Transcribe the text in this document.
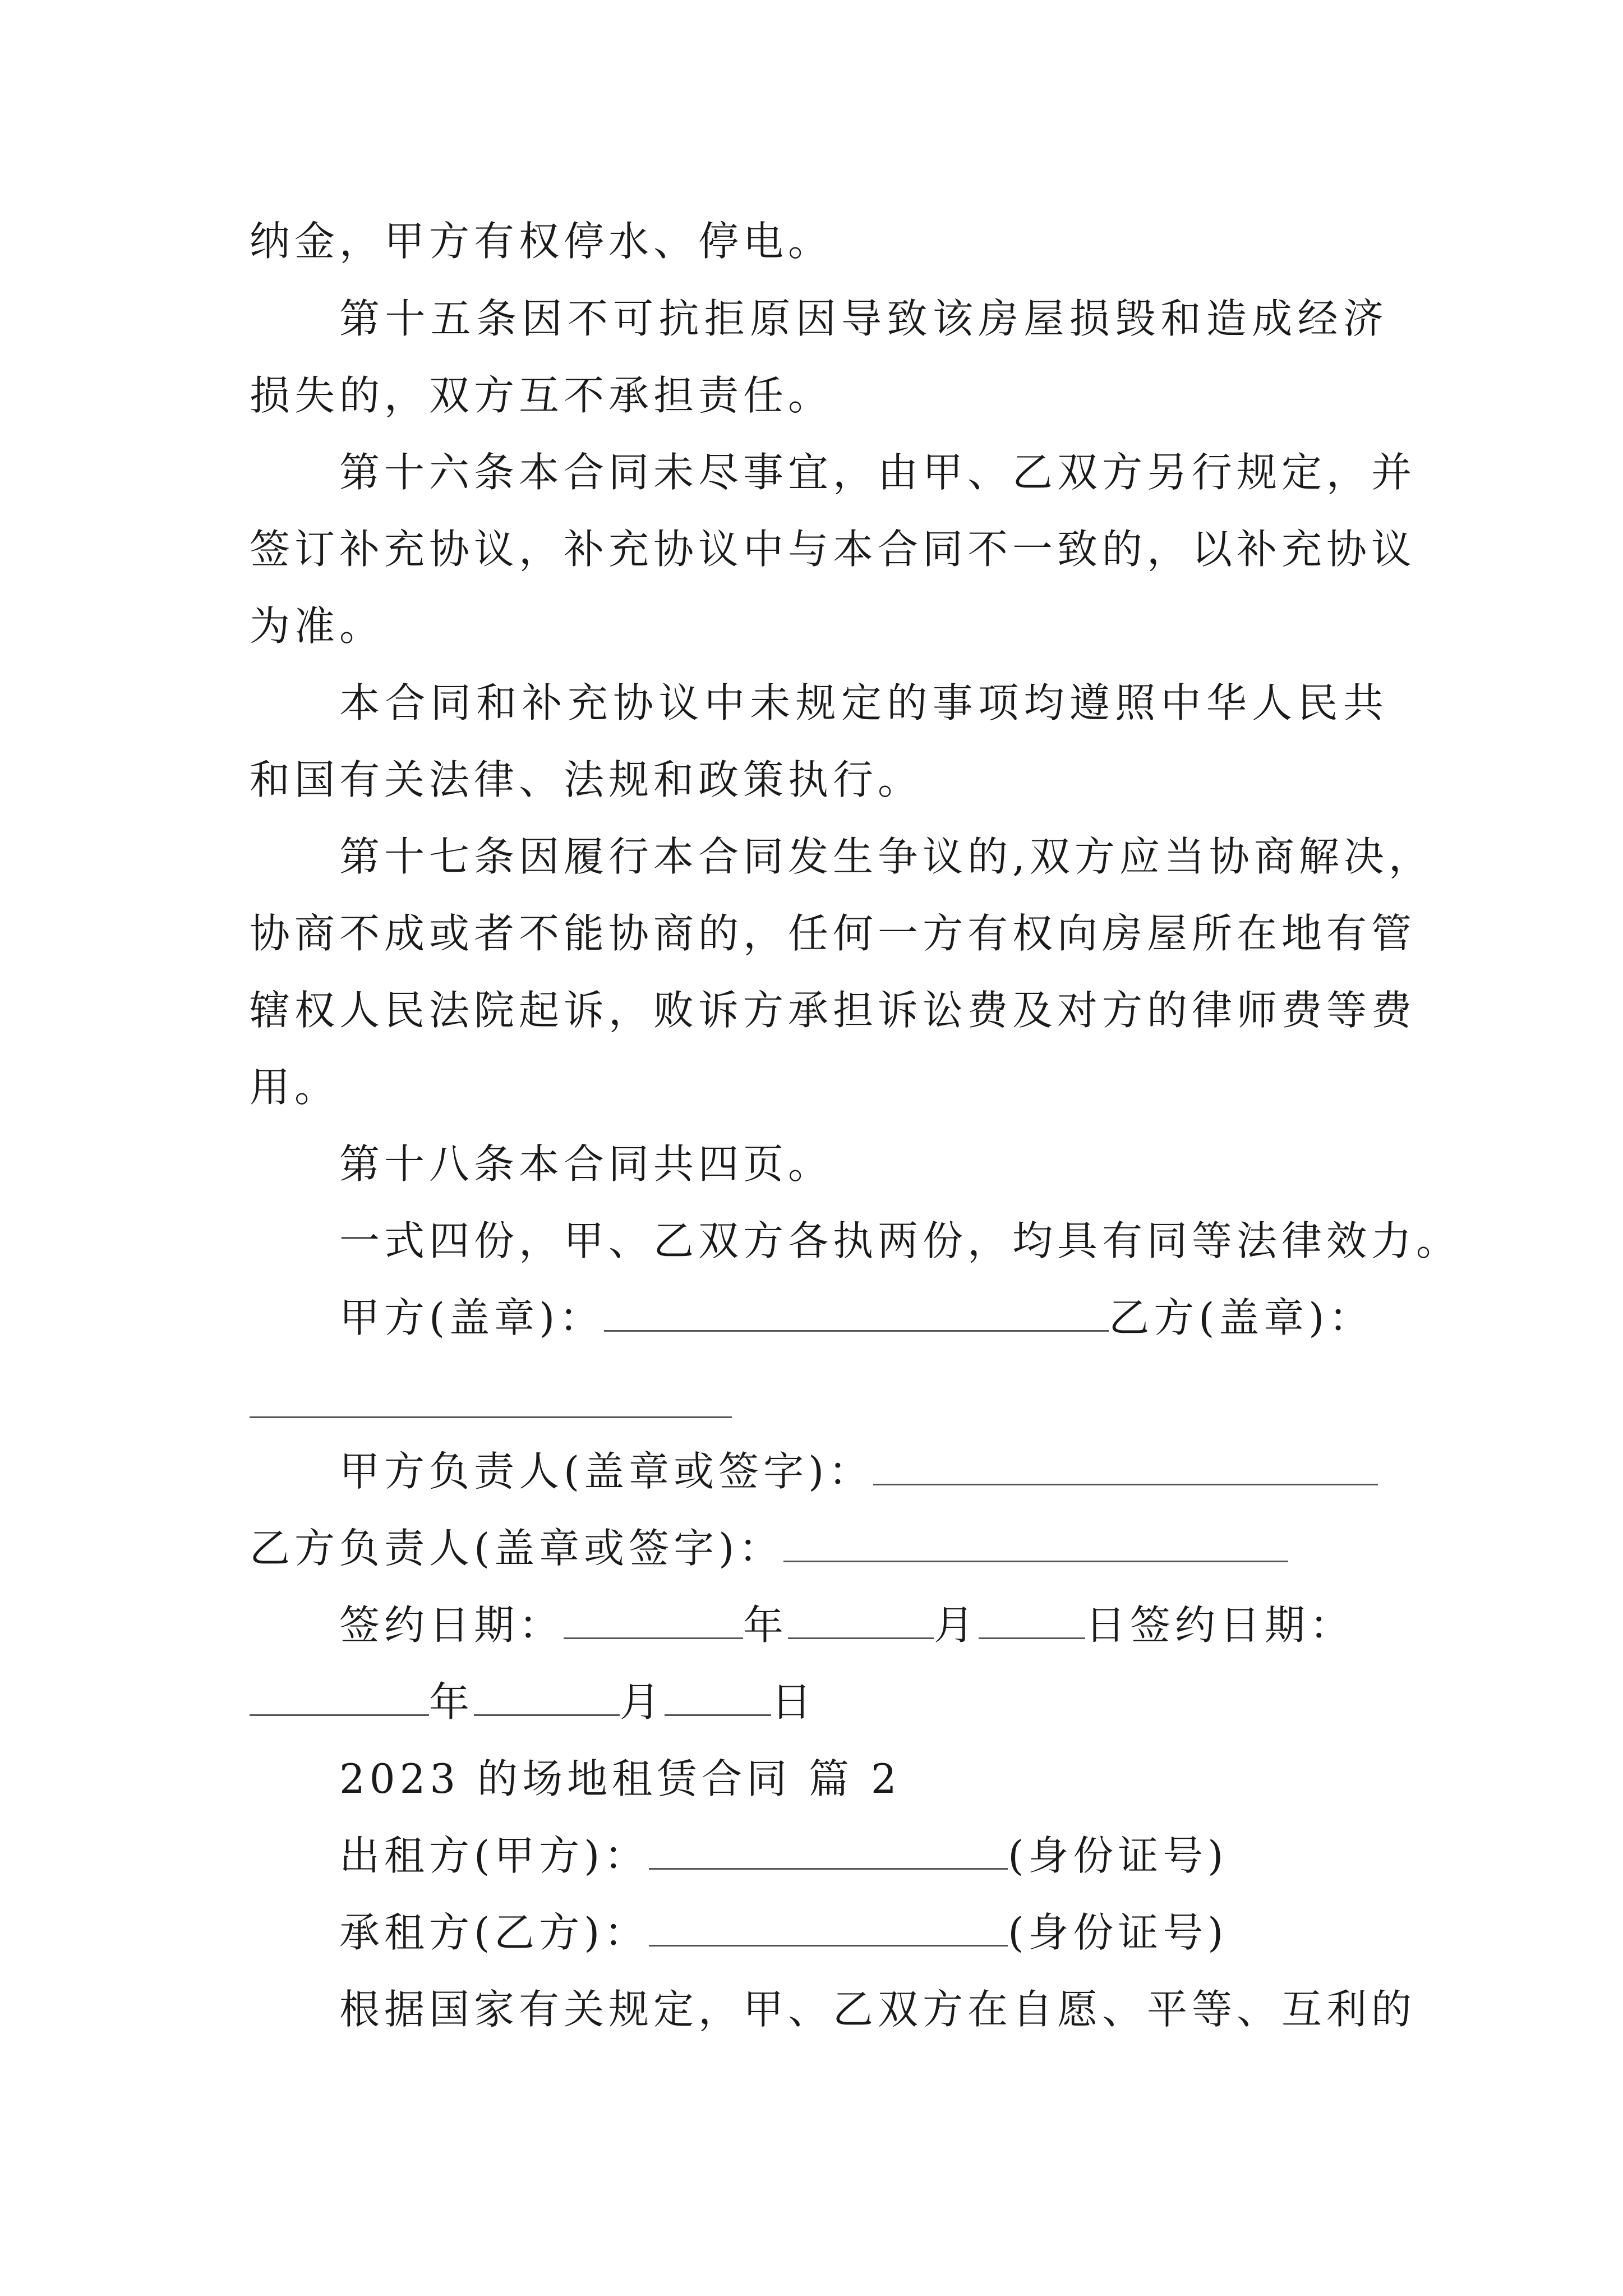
纳金，甲方有权停水、停电。
第十五条因不可抗拒原因导致该房屋损毁和造成经济
损失的，双方互不承担责任。
第十六条本合同未尽事宜，由甲、乙双方另行规定，并
签订补充协议，补充协议中与本合同不一致的，以补充协议
为准。
本合同和补充协议中未规定的事项均遵照中华人民共
和国有关法律、法规和政策执行。
第十七条因履行本合同发生争议的,双方应当协商解决，
协商不成或者不能协商的，任何一方有权向房屋所在地有管
辖权人民法院起诉，败诉方承担诉讼费及对方的律师费等费
用。
第十八条本合同共四页。
一式四份，甲、乙双方各执两份，均具有同等法律效力。
甲方(盖章)：	乙方(盖章)：
甲方负责人(盖章或签字)：
乙方负责人(盖章或签字)：
签约日期：	年	月	日签约日期：
年	月	日
2023 的场地租赁合同 篇 2
出租方(甲方)：	(身份证号)
承租方(乙方)：	(身份证号)
根据国家有关规定，甲、乙双方在自愿、平等、互利的
